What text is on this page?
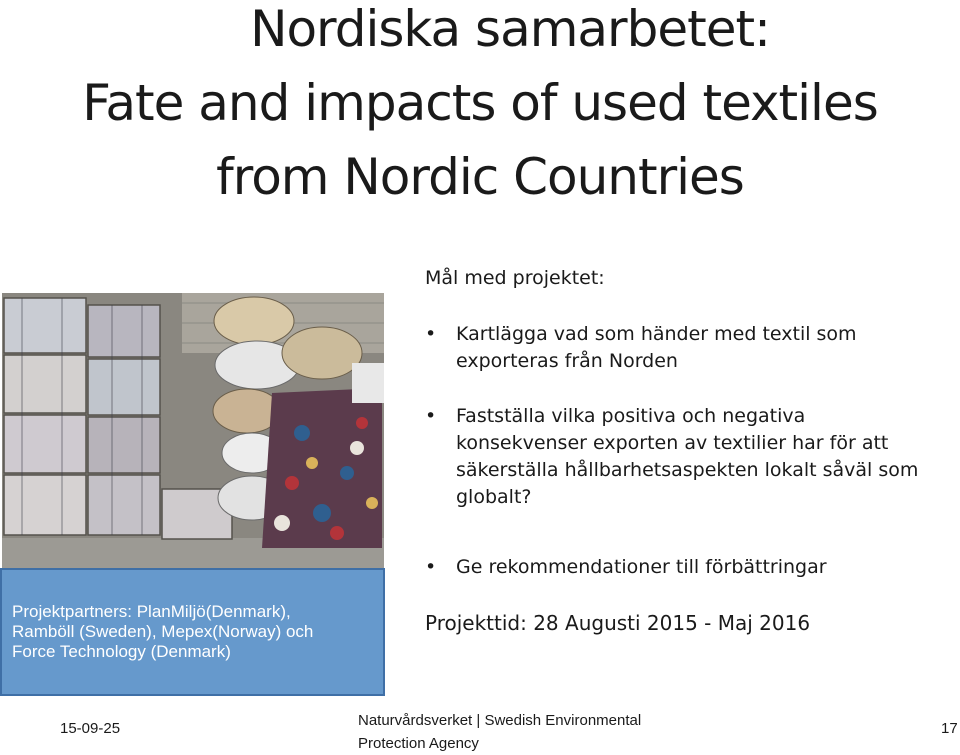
Nordiska samarbetet:
Fate and impacts of used textiles
from Nordic Countries
Projektpartners: PlanMiljö(Denmark),
Ramböll (Sweden), Mepex(Norway) och
Force Technology (Denmark)
Mål med projektet:
• Kartlägga vad som händer med textil som
exporteras från Norden
• Fastställa vilka positiva och negativa
konsekvenser exporten av textilier har för att
säkerställa hållbarhetsaspekten lokalt såväl som
globalt?
• Ge rekommendationer till förbättringar
Projekttid: 28 Augusti 2015 - Maj 2016
15-09-25	Naturvårdsverket | Swedish Environmental
Protection Agency
17
